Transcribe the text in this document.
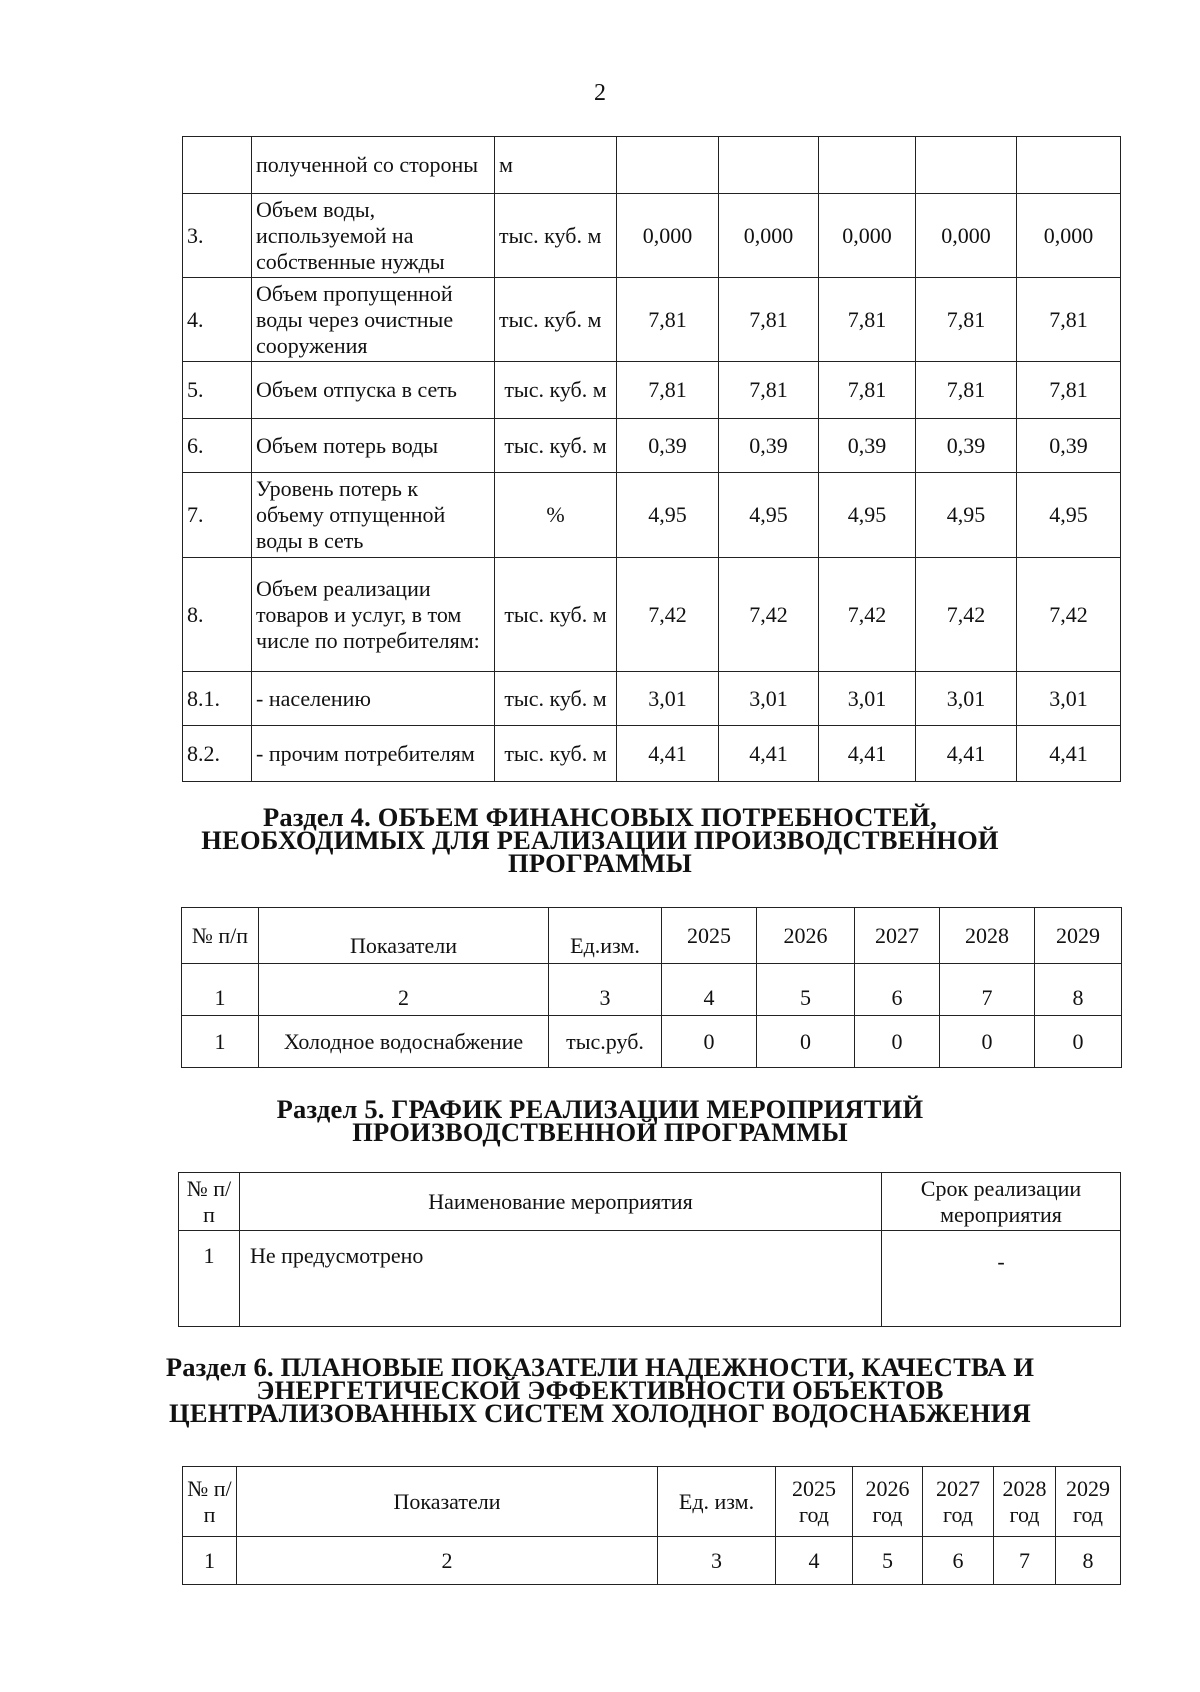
2
	полученной со стороны	м					
3.	Объем воды, используемой на собственные нужды	тыс. куб. м	0,000	0,000	0,000	0,000	0,000
4.	Объем пропущенной воды через очистные сооружения	тыс. куб. м	7,81	7,81	7,81	7,81	7,81
5.	Объем отпуска в сеть	тыс. куб. м	7,81	7,81	7,81	7,81	7,81
6.	Объем потерь воды	тыс. куб. м	0,39	0,39	0,39	0,39	0,39
7.	Уровень потерь к объему отпущенной воды в сеть	%	4,95	4,95	4,95	4,95	4,95
8.	Объем реализации товаров и услуг, в том числе по потребителям:	тыс. куб. м	7,42	7,42	7,42	7,42	7,42
8.1.	- населению	тыс. куб. м	3,01	3,01	3,01	3,01	3,01
8.2.	- прочим потребителям	тыс. куб. м	4,41	4,41	4,41	4,41	4,41
Раздел 4. ОБЪЕМ ФИНАНСОВЫХ ПОТРЕБНОСТЕЙ,
НЕОБХОДИМЫХ ДЛЯ РЕАЛИЗАЦИИ ПРОИЗВОДСТВЕННОЙ
ПРОГРАММЫ
№ п/п	Показатели	Ед.изм.	2025	2026	2027	2028	2029
1	2	3	4	5	6	7	8
1	Холодное водоснабжение	тыс.руб.	0	0	0	0	0
Раздел 5. ГРАФИК РЕАЛИЗАЦИИ МЕРОПРИЯТИЙ
ПРОИЗВОДСТВЕННОЙ ПРОГРАММЫ
№ п/п	Наименование мероприятия	Срок реализации мероприятия
1	Не предусмотрено	-
Раздел 6. ПЛАНОВЫЕ ПОКАЗАТЕЛИ НАДЕЖНОСТИ, КАЧЕСТВА И
ЭНЕРГЕТИЧЕСКОЙ ЭФФЕКТИВНОСТИ ОБЪЕКТОВ
ЦЕНТРАЛИЗОВАННЫХ СИСТЕМ ХОЛОДНОГ ВОДОСНАБЖЕНИЯ
№ п/п	Показатели	Ед. изм.	2025 год	2026 год	2027 год	2028 год	2029 год
1	2	3	4	5	6	7	8
